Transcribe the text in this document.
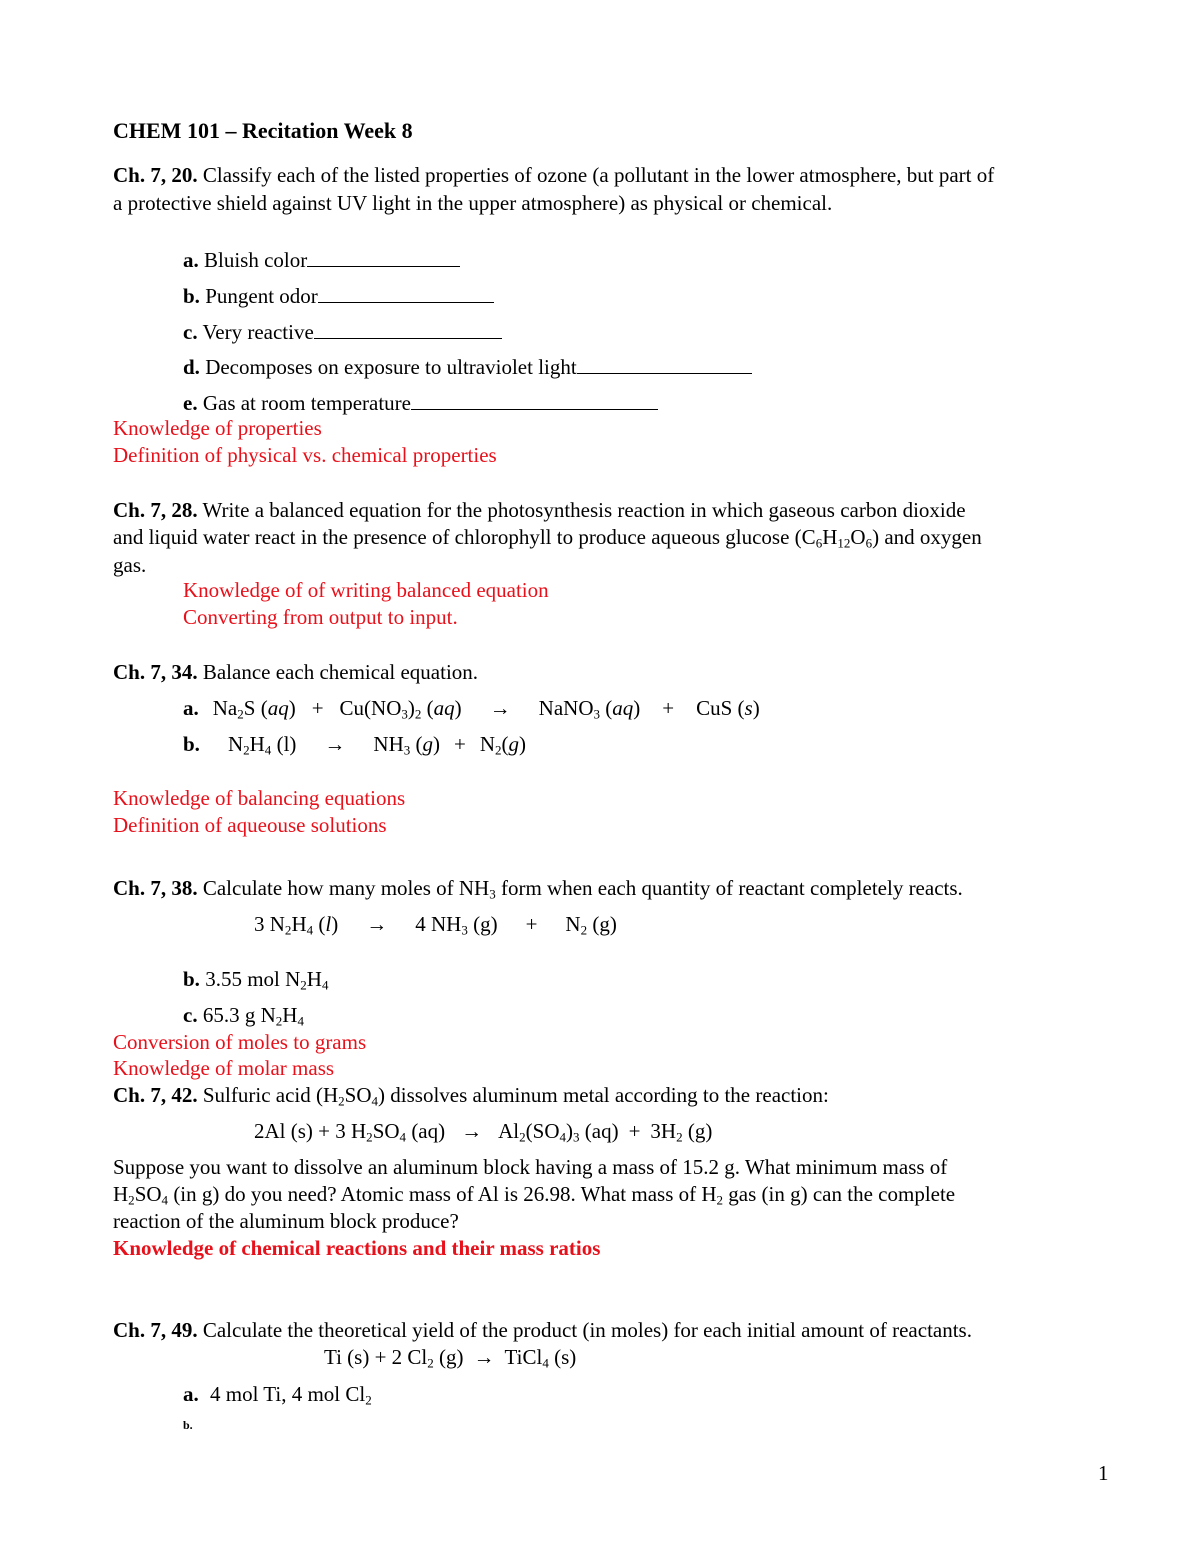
CHEM 101 – Recitation Week 8
Ch. 7, 20. Classify each of the listed properties of ozone (a pollutant in the lower atmosphere, but part of
a protective shield against UV light in the upper atmosphere) as physical or chemical.
a. Bluish color
b. Pungent odor
c. Very reactive
d. Decomposes on exposure to ultraviolet light
e. Gas at room temperature
Knowledge of properties
Definition of physical vs. chemical properties
Ch. 7, 28. Write a balanced equation for the photosynthesis reaction in which gaseous carbon dioxide
and liquid water react in the presence of chlorophyll to produce aqueous glucose $(C_6H_{12}O_6)$ and oxygen
gas.
Knowledge of of writing balanced equation
Converting from output to input.
Ch. 7, 34. Balance each chemical equation.
a. $Na_2S$ $(aq) + Cu(NO_3)_2$ (aq) → NaNO$_3$ (aq) + CuS (s)
b. $N_2H_4$ $(l) \to NH_3$ $(g) + N_2(g)$
Knowledge of balancing equations
Definition of aqueouse solutions
Ch. 7, 38. Calculate how many moles of $NH_3$ form when each quantity of reactant completely reacts.
3 $N_2H_4$ (l) → 4 $NH_3$ $(g) + N_2$ (g)
b. 3.55 mol $N_2H_4$
c. 65.3 g $N_2H_4$
Conversion of moles to grams
Knowledge of molar mass
Ch. 7, 42. Sulfuric acid $(H_2SO_4)$ dissolves aluminum metal according to the reaction:
2Al (s) + 3 $H_2SO_4$ $(aq) \to Al_2(SO_4)_3$ $(aq) + 3H_2$ (g)
Suppose you want to dissolve an aluminum block having a mass of 15.2 g. What minimum mass of
$H_2SO_4$ (in g) do you need? Atomic mass of Al is 26.98. What mass of $H_2$ gas (in g) can the complete
reaction of the aluminum block produce?
Knowledge of chemical reactions and their mass ratios
Ch. 7, 49. Calculate the theoretical yield of the product (in moles) for each initial amount of reactants.
Ti (s) + 2 $Cl_2$ (g) → TiCl$_4$ (s)
a. 4 mol Ti, 4 mol $Cl_2$
b.
1
